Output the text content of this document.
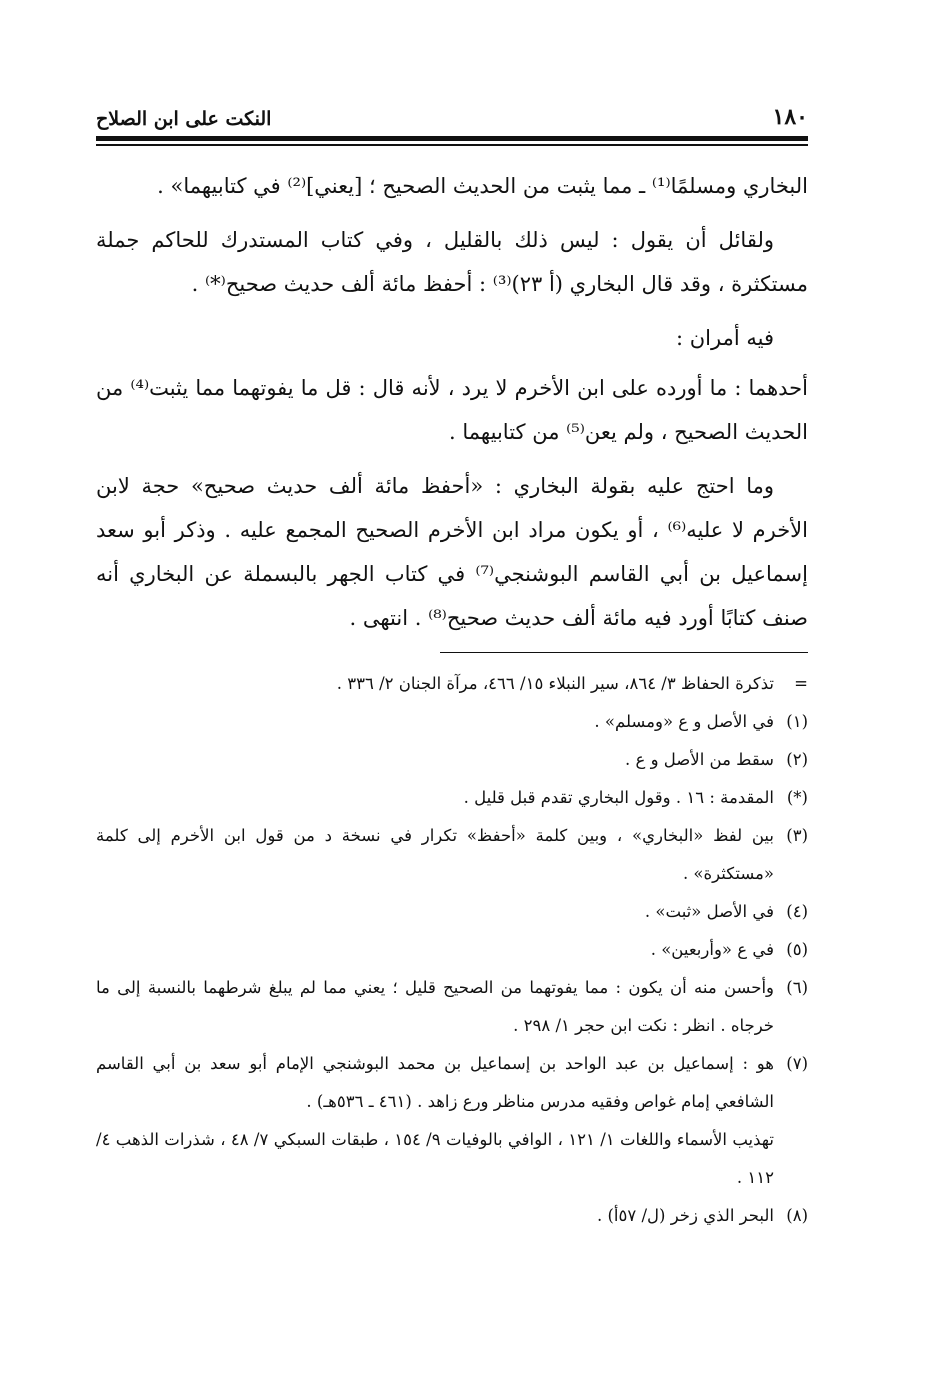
١٨٠
النكت على ابن الصلاح

البخاري ومسلمًا⁽¹⁾ ـ مما يثبت من الحديث الصحيح ؛ [يعني]⁽²⁾ في كتابيهما» .

ولقائل أن يقول : ليس ذلك بالقليل ، وفي كتاب المستدرك للحاكم جملة مستكثرة ، وقد قال البخاري (أ ٢٣)⁽³⁾ : أحفظ مائة ألف حديث صحيح⁽*⁾ .

فيه أمران :

أحدهما : ما أورده على ابن الأخرم لا يرد ، لأنه قال : قل ما يفوتهما مما يثبت⁽⁴⁾ من الحديث الصحيح ، ولم يعن⁽⁵⁾ من كتابيهما .

وما احتج عليه بقولة البخاري : «أحفظ مائة ألف حديث صحيح» حجة لابن الأخرم لا عليه⁽⁶⁾ ، أو يكون مراد ابن الأخرم الصحيح المجمع عليه . وذكر أبو سعد إسماعيل بن أبي القاسم البوشنجي⁽⁷⁾ في كتاب الجهر بالبسملة عن البخاري أنه صنف كتابًا أورد فيه مائة ألف حديث صحيح⁽⁸⁾ . انتهى .

=
تذكرة الحفاظ ٣/ ٨٦٤، سير النبلاء ١٥/ ٤٦٦، مرآة الجنان ٢/ ٣٣٦ .
(١)
في الأصل و ع «ومسلم» .
(٢)
سقط من الأصل و ع .
(*)
المقدمة : ١٦ . وقول البخاري تقدم قبل قليل .
(٣)
بين لفظ «البخاري» ، وبين كلمة «أحفظ» تكرار في نسخة د من قول ابن الأخرم إلى كلمة «مستكثرة» .
(٤)
في الأصل «ثبت» .
(٥)
في ع «وأربعين» .
(٦)
وأحسن منه أن يكون : مما يفوتهما من الصحيح قليل ؛ يعني مما لم يبلغ شرطهما بالنسبة إلى ما خرجاه . انظر : نكت ابن حجر ١/ ٢٩٨ .
(٧)
هو : إسماعيل بن عبد الواحد بن إسماعيل بن محمد البوشنجي الإمام أبو سعد بن أبي القاسم الشافعي إمام غواص وفقيه مدرس مناظر ورع زاهد . (٤٦١ ـ ٥٣٦هـ) .
تهذيب الأسماء واللغات ١/ ١٢١ ، الوافي بالوفيات ٩/ ١٥٤ ، طبقات السبكي ٧/ ٤٨ ، شذرات الذهب ٤/ ١١٢ .
(٨)
البحر الذي زخر (ل/ ٥٧أ) .
